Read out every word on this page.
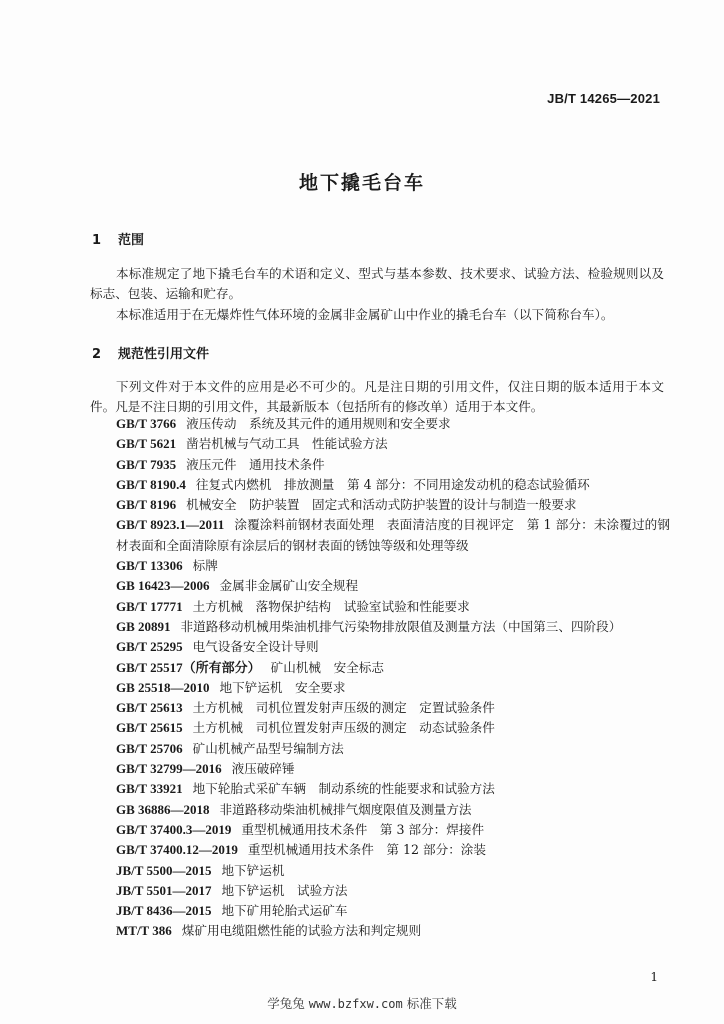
JB/T 14265—2021
地下撬毛台车
1 范围
本标准规定了地下撬毛台车的术语和定义、型式与基本参数、技术要求、试验方法、检验规则以及标志、包装、运输和贮存。
本标准适用于在无爆炸性气体环境的金属非金属矿山中作业的撬毛台车（以下简称台车）。
2 规范性引用文件
下列文件对于本文件的应用是必不可少的。凡是注日期的引用文件，仅注日期的版本适用于本文件。凡是不注日期的引用文件，其最新版本（包括所有的修改单）适用于本文件。
GB/T 3766 液压传动　系统及其元件的通用规则和安全要求
GB/T 5621 凿岩机械与气动工具　性能试验方法
GB/T 7935 液压元件　通用技术条件
GB/T 8190.4 往复式内燃机　排放测量　第 4 部分：不同用途发动机的稳态试验循环
GB/T 8196 机械安全　防护装置　固定式和活动式防护装置的设计与制造一般要求
GB/T 8923.1—2011 涂覆涂料前钢材表面处理　表面清洁度的目视评定　第 1 部分：未涂覆过的钢材表面和全面清除原有涂层后的钢材表面的锈蚀等级和处理等级
GB/T 13306 标牌
GB 16423—2006 金属非金属矿山安全规程
GB/T 17771 土方机械　落物保护结构　试验室试验和性能要求
GB 20891 非道路移动机械用柴油机排气污染物排放限值及测量方法（中国第三、四阶段）
GB/T 25295 电气设备安全设计导则
GB/T 25517（所有部分） 矿山机械　安全标志
GB 25518—2010 地下铲运机　安全要求
GB/T 25613 土方机械　司机位置发射声压级的测定　定置试验条件
GB/T 25615 土方机械　司机位置发射声压级的测定　动态试验条件
GB/T 25706 矿山机械产品型号编制方法
GB/T 32799—2016 液压破碎锤
GB/T 33921 地下轮胎式采矿车辆　制动系统的性能要求和试验方法
GB 36886—2018 非道路移动柴油机械排气烟度限值及测量方法
GB/T 37400.3—2019 重型机械通用技术条件　第 3 部分：焊接件
GB/T 37400.12—2019 重型机械通用技术条件　第 12 部分：涂装
JB/T 5500—2015 地下铲运机
JB/T 5501—2017 地下铲运机　试验方法
JB/T 8436—2015 地下矿用轮胎式运矿车
MT/T 386 煤矿用电缆阻燃性能的试验方法和判定规则
1
学兔兔 www.bzfxw.com 标准下载
